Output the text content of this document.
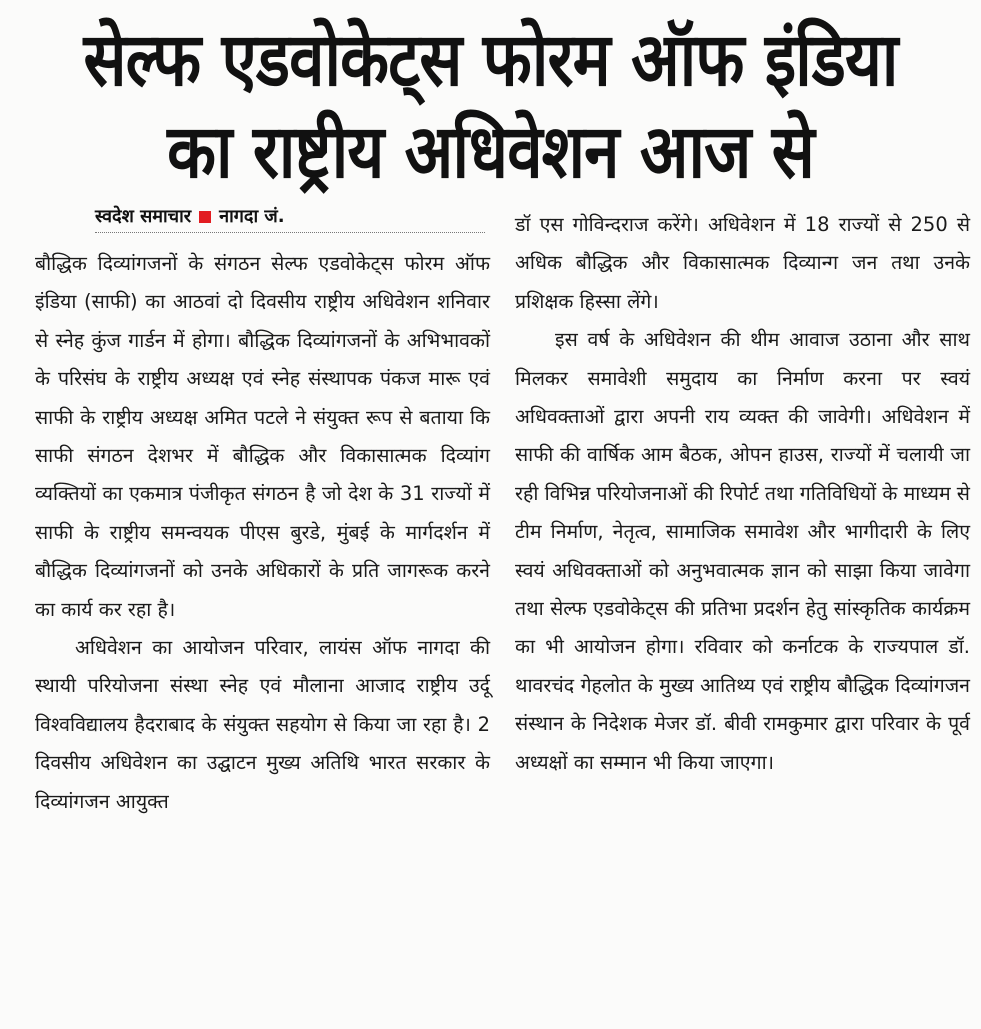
सेल्फ एडवोकेट्स फोरम ऑफ इंडिया
का राष्ट्रीय अधिवेशन आज से
स्वदेश समाचार नागदा जं.

बौद्धिक दिव्यांगजनों के संगठन सेल्फ एडवोकेट्स फोरम ऑफ इंडिया (साफी) का आठवां दो दिवसीय राष्ट्रीय अधिवेशन शनिवार से स्नेह कुंज गार्डन में होगा। बौद्धिक दिव्यांगजनों के अभिभावकों के परिसंघ के राष्ट्रीय अध्यक्ष एवं स्नेह संस्थापक पंकज मारू एवं साफी के राष्ट्रीय अध्यक्ष अमित पटले ने संयुक्त रूप से बताया कि साफी संगठन देशभर में बौद्धिक और विकासात्मक दिव्यांग व्यक्तियों का एकमात्र पंजीकृत संगठन है जो देश के 31 राज्यों में साफी के राष्ट्रीय समन्वयक पीएस बुरडे, मुंबई के मार्गदर्शन में बौद्धिक दिव्यांगजनों को उनके अधिकारों के प्रति जागरूक करने का कार्य कर रहा है।

अधिवेशन का आयोजन परिवार, लायंस ऑफ नागदा की स्थायी परियोजना संस्था स्नेह एवं मौलाना आजाद राष्ट्रीय उर्दू विश्वविद्यालय हैदराबाद के संयुक्त सहयोग से किया जा रहा है। 2 दिवसीय अधिवेशन का उद्घाटन मुख्य अतिथि भारत सरकार के दिव्यांगजन आयुक्त

डॉ एस गोविन्दराज करेंगे। अधिवेशन में 18 राज्यों से 250 से अधिक बौद्धिक और विकासात्मक दिव्यान्ग जन तथा उनके प्रशिक्षक हिस्सा लेंगे।

इस वर्ष के अधिवेशन की थीम आवाज उठाना और साथ मिलकर समावेशी समुदाय का निर्माण करना पर स्वयं अधिवक्ताओं द्वारा अपनी राय व्यक्त की जावेगी। अधिवेशन में साफी की वार्षिक आम बैठक, ओपन हाउस, राज्यों में चलायी जा रही विभिन्न परियोजनाओं की रिपोर्ट तथा गतिविधियों के माध्यम से टीम निर्माण, नेतृत्व, सामाजिक समावेश और भागीदारी के लिए स्वयं अधिवक्ताओं को अनुभवात्मक ज्ञान को साझा किया जावेगा तथा सेल्फ एडवोकेट्स की प्रतिभा प्रदर्शन हेतु सांस्कृतिक कार्यक्रम का भी आयोजन होगा। रविवार को कर्नाटक के राज्यपाल डॉ. थावरचंद गेहलोत के मुख्य आतिथ्य एवं राष्ट्रीय बौद्धिक दिव्यांगजन संस्थान के निदेशक मेजर डॉ. बीवी रामकुमार द्वारा परिवार के पूर्व अध्यक्षों का सम्मान भी किया जाएगा।
